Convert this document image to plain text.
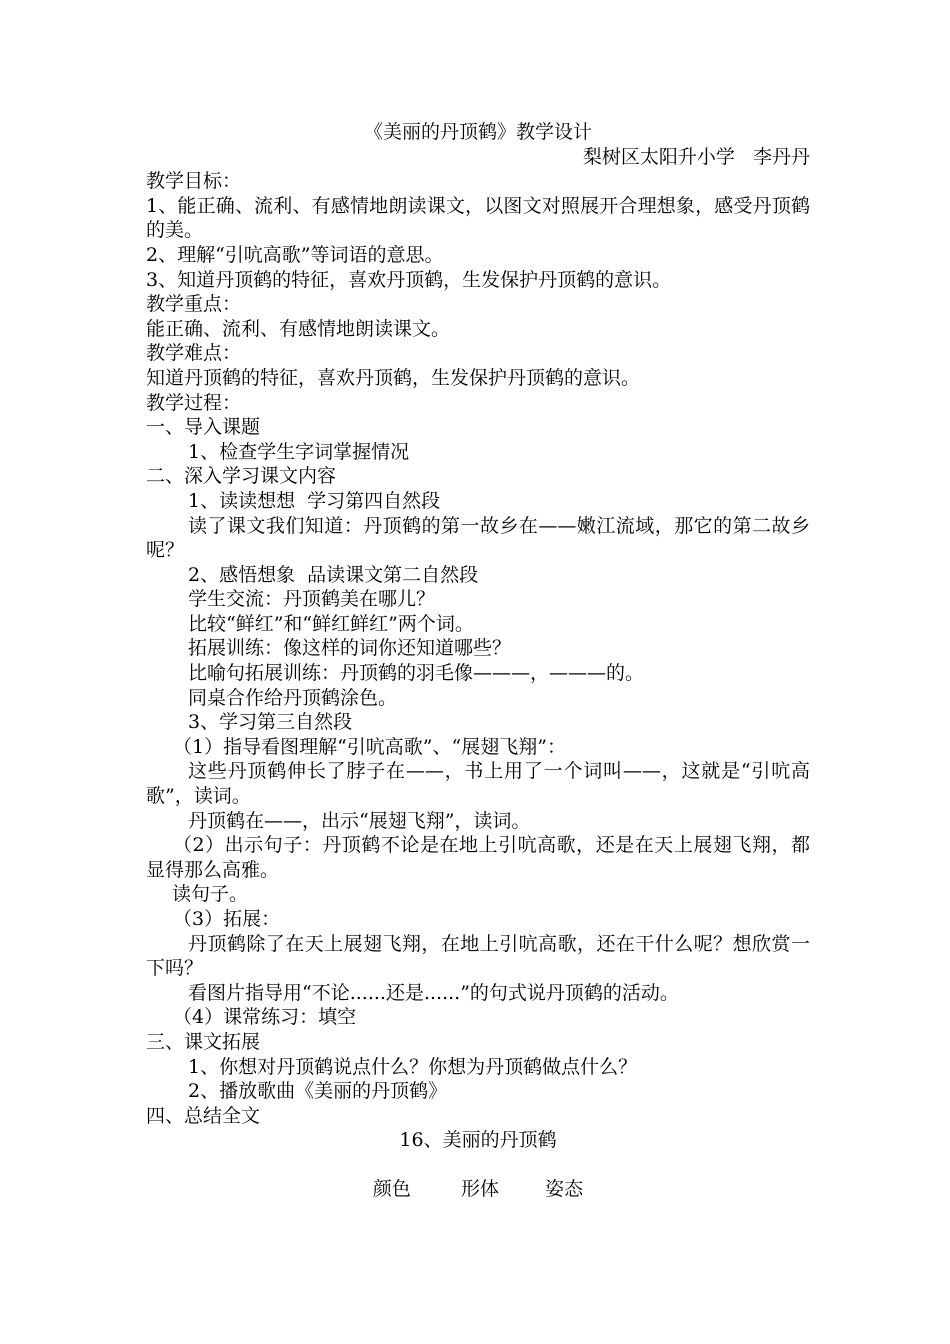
《美丽的丹顶鹤》教学设计
梨树区太阳升小学   李丹丹
教学目标：
1、能正确、流利、有感情地朗读课文，以图文对照展开合理想象，感受丹顶鹤的美。
2、理解“引吭高歌”等词语的意思。
3、知道丹顶鹤的特征，喜欢丹顶鹤，生发保护丹顶鹤的意识。
教学重点：
能正确、流利、有感情地朗读课文。
教学难点：
知道丹顶鹤的特征，喜欢丹顶鹤，生发保护丹顶鹤的意识。
教学过程：
一、导入课题
1、检查学生字词掌握情况
二、深入学习课文内容
1、读读想想  学习第四自然段
读了课文我们知道：丹顶鹤的第一故乡在——嫩江流域，那它的第二故乡呢？
2、感悟想象  品读课文第二自然段
学生交流：丹顶鹤美在哪儿？
比较“鲜红”和“鲜红鲜红”两个词。
拓展训练：像这样的词你还知道哪些？
比喻句拓展训练：丹顶鹤的羽毛像———，———的。
同桌合作给丹顶鹤涂色。
3、学习第三自然段
（1）指导看图理解“引吭高歌”、“展翅飞翔”：
这些丹顶鹤伸长了脖子在——，书上用了一个词叫——，这就是“引吭高歌”，读词。
丹顶鹤在——，出示“展翅飞翔”，读词。
（2）出示句子：丹顶鹤不论是在地上引吭高歌，还是在天上展翅飞翔，都显得那么高雅。
读句子。
（3）拓展：
丹顶鹤除了在天上展翅飞翔，在地上引吭高歌，还在干什么呢？想欣赏一下吗？
看图片指导用“不论......还是......”的句式说丹顶鹤的活动。
（4）课常练习：填空
三、课文拓展
1、你想对丹顶鹤说点什么？你想为丹顶鹤做点什么？
2、播放歌曲《美丽的丹顶鹤》
四、总结全文
16、美丽的丹顶鹤
颜色	形体 姿态
